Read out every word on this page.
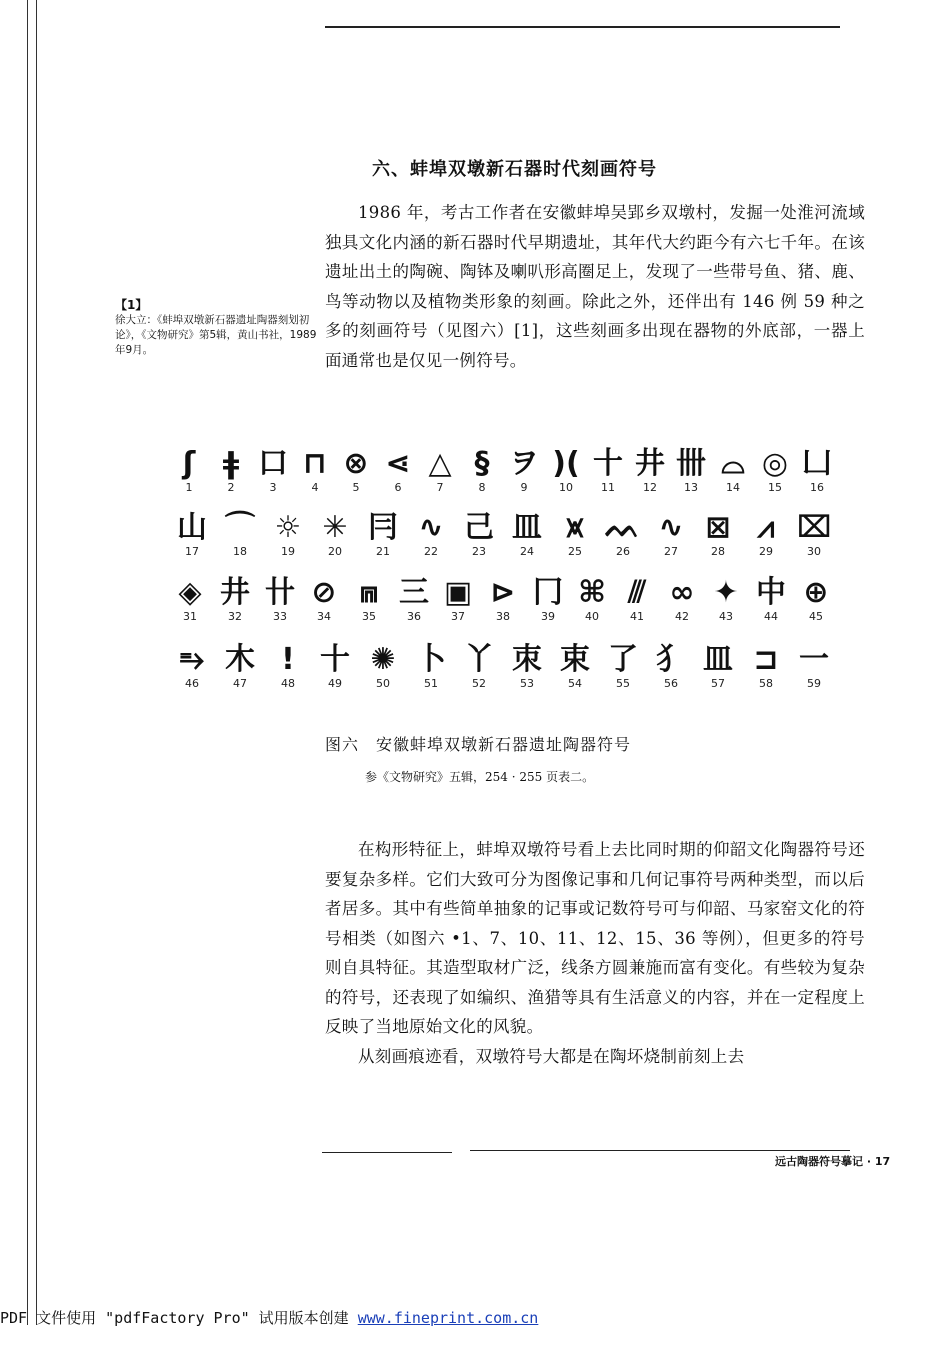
六、蚌埠双墩新石器时代刻画符号
【1】
徐大立：《蚌埠双墩新石器遗址陶器刻划初论》，《文物研究》第5辑，黄山书社，1989年9月。

1986 年，考古工作者在安徽蚌埠吴郢乡双墩村，发掘一处淮河流域独具文化内涵的新石器时代早期遗址，其年代大约距今有六七千年。在该遗址出土的陶碗、陶钵及喇叭形高圈足上，发现了一些带号鱼、猪、鹿、鸟等动物以及植物类形象的刻画。除此之外，还伴出有 146 例 59 种之多的刻画符号（见图六）[1]，这些刻画多出现在器物的外底部，一器上面通常也是仅见一例符号。

ʃ
1
ǂ
2
口
3
⊓
4
⊗
5
⋖
6
△
7
§
8
ヲ
9
)(
10
十
11
井
12
卌
13
⌓
14
◎
15
凵
16
山
17
⌒
18
☼
19
✳
20
冃
21
∿
22
己
23
皿
24
⩙
25
ᨓ
26
∿
27
⊠
28
⩘
29
⌧
30
◈
31
井
32
卄
33
⊘
34
⩎
35
三
36
▣
37
⊳
38
冂
39
⌘
40
⫻
41
∞
42
✦
43
中
44
⊕
45
⥱
46
木
47
!
48
十
49
✺
50
卜
51
丫
52
朿
53
束
54
了
55
犭
56
皿
57
⊐
58
一
59
图六　安徽蚌埠双墩新石器遗址陶器符号
参《文物研究》五辑，254 · 255 页表二。

在构形特征上，蚌埠双墩符号看上去比同时期的仰韶文化陶器符号还要复杂多样。它们大致可分为图像记事和几何记事符号两种类型，而以后者居多。其中有些简单抽象的记事或记数符号可与仰韶、马家窑文化的符号相类（如图六 •1、7、10、11、12、15、36 等例），但更多的符号则自具特征。其造型取材广泛，线条方圆兼施而富有变化。有些较为复杂的符号，还表现了如编织、渔猎等具有生活意义的内容，并在一定程度上反映了当地原始文化的风貌。

从刻画痕迹看，双墩符号大都是在陶坏烧制前刻上去

远古陶器符号摹记 · 17
PDF 文件使用 "pdfFactory Pro" 试用版本创建 www.fineprint.com.cn
